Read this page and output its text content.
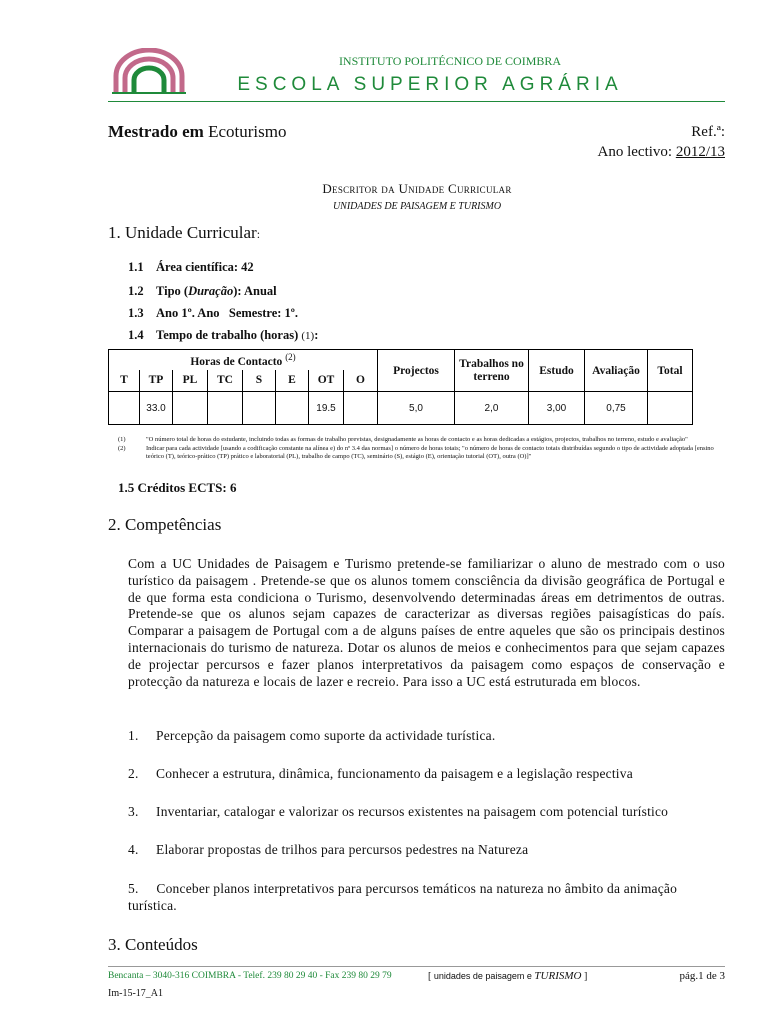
INSTITUTO POLITÉCNICO DE COIMBRA
ESCOLA SUPERIOR AGRÁRIA
Mestrado em Ecoturismo	Ref.ª:
Ano lectivo: 2012/13
Descritor da Unidade Curricular
UNIDADES DE PAISAGEM E TURISMO
1. Unidade Curricular:
1.1 Área científica: 42
1.2 Tipo (Duração): Anual
1.3 Ano 1º. Ano   Semestre: 1º.
1.4 Tempo de trabalho (horas) (1):
Horas de Contacto $^{(2)}$								Projectos	Trabalhos no terreno	Estudo	Avaliação	Total
T	TP	PL	TC	S	E	OT	O					
	33.0					19.5		5,0	2,0	3,00	0,75	
(1)	"O número total de horas do estudante, incluindo todas as formas de trabalho previstas, designadamente as horas de contacto e as horas dedicadas a estágios, projectos, trabalhos no terreno, estudo e avaliação"
(2)	Indicar para cada actividade [usando a codificação constante na alínea e) do nº 3.4 das normas] o número de horas totais; "o número de horas de contacto totais distribuídas segundo o tipo de actividade adoptada [ensino teórico (T), teórico-prático (TP) prático e laboratorial (PL), trabalho de campo (TC), seminário (S), estágio (E), orientação tutorial (OT), outra (O)]"
1.5 Créditos ECTS: 6
2. Competências
Com a UC Unidades de Paisagem e Turismo pretende-se familiarizar o aluno de mestrado com o uso turístico da paisagem . Pretende-se que os alunos tomem consciência da divisão geográfica de Portugal e de que forma esta condiciona o Turismo, desenvolvendo determinadas áreas em detrimentos de outras. Pretende-se que os alunos sejam capazes de caracterizar as diversas regiões paisagísticas do país. Comparar a paisagem de Portugal com a de alguns países de entre aqueles que são os principais destinos internacionais do turismo de natureza. Dotar os alunos de meios e conhecimentos para que sejam capazes de projectar percursos e fazer planos interpretativos da paisagem como espaços de conservação e protecção da natureza e locais de lazer e recreio. Para isso a UC está estruturada em blocos.
1. Percepção da paisagem como suporte da actividade turística.
2. Conhecer a estrutura, dinâmica, funcionamento da paisagem e a legislação respectiva
3. Inventariar, catalogar e valorizar os recursos existentes na paisagem com potencial turístico
4. Elaborar propostas de trilhos para percursos pedestres na Natureza
5.     Conceber planos interpretativos para percursos temáticos na natureza no âmbito da animação turística.
3. Conteúdos
Bencanta – 3040-316 COIMBRA - Telef. 239 80 29 40 - Fax 239 80 29 79	[ unidades de paisagem e TURISMO ]	pág.1 de 3
Im-15-17_A1
